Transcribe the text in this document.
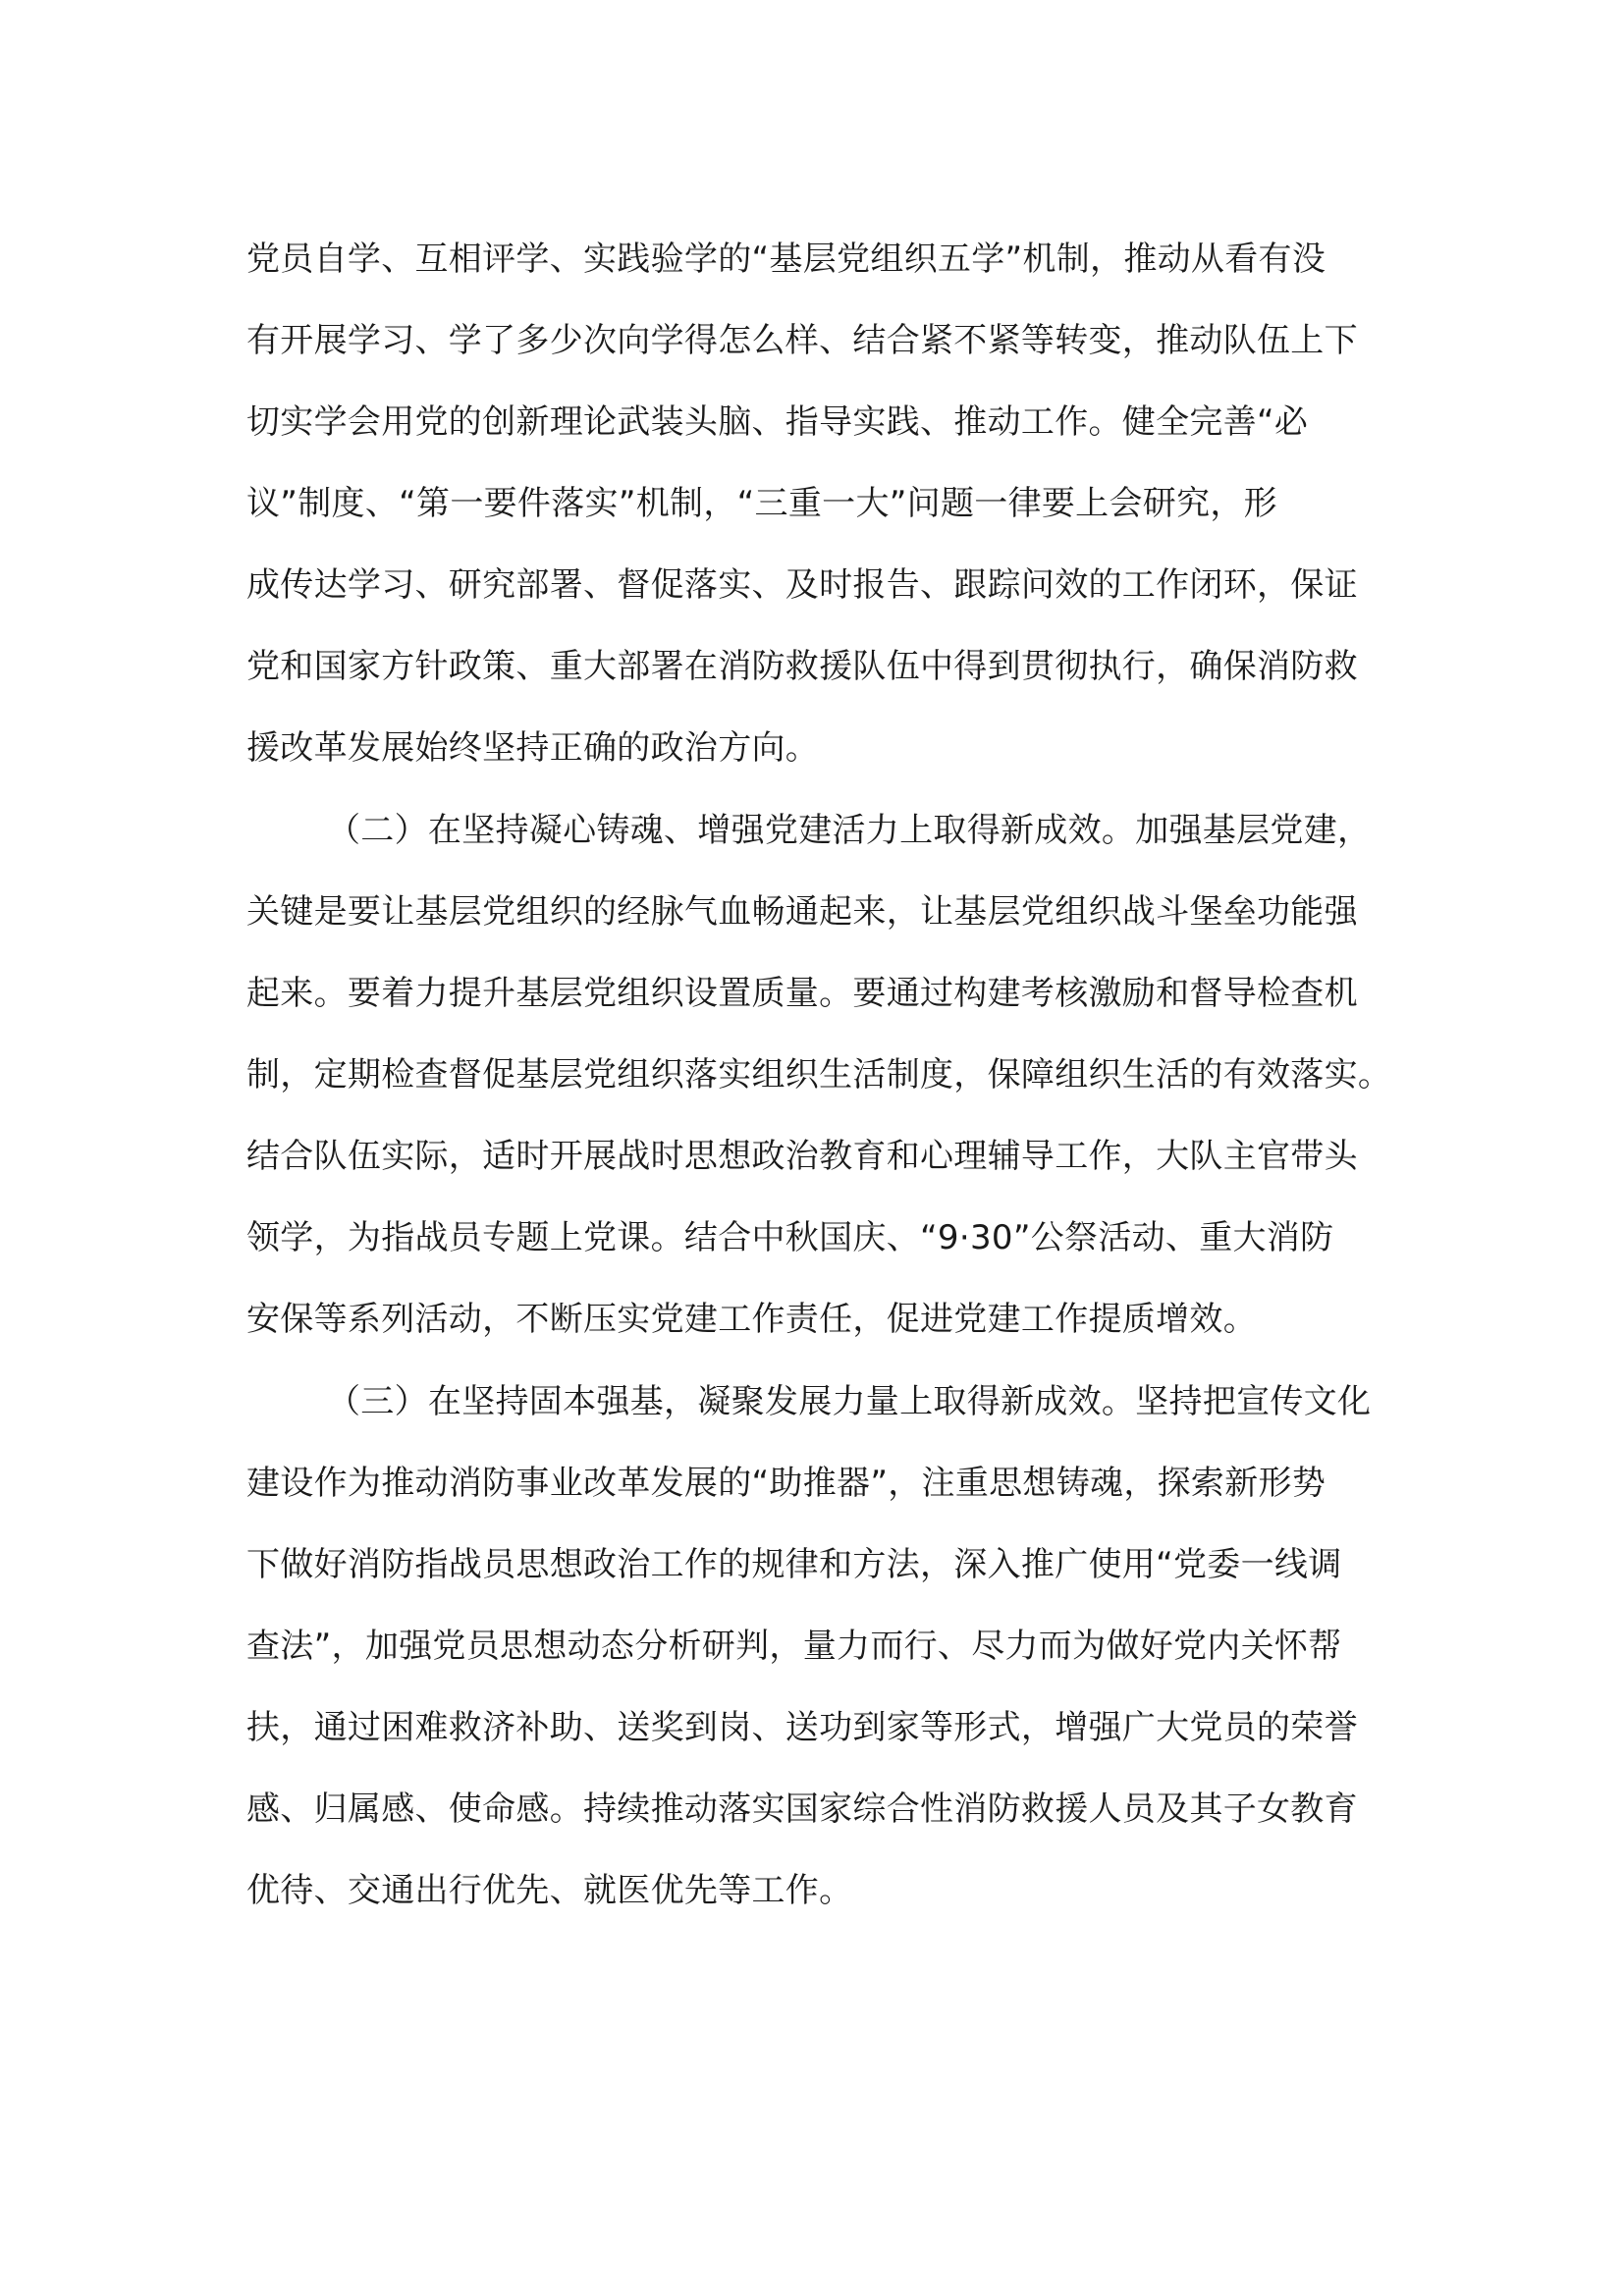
党员自学、互相评学、实践验学的“基层党组织五学”机制，推动从看有没
有开展学习、学了多少次向学得怎么样、结合紧不紧等转变，推动队伍上下
切实学会用党的创新理论武装头脑、指导实践、推动工作。健全完善“必
议”制度、“第一要件落实”机制，“三重一大”问题一律要上会研究，形
成传达学习、研究部署、督促落实、及时报告、跟踪问效的工作闭环，保证
党和国家方针政策、重大部署在消防救援队伍中得到贯彻执行，确保消防救
援改革发展始终坚持正确的政治方向。
（二）在坚持凝心铸魂、增强党建活力上取得新成效。加强基层党建，
关键是要让基层党组织的经脉气血畅通起来，让基层党组织战斗堡垒功能强
起来。要着力提升基层党组织设置质量。要通过构建考核激励和督导检查机
制，定期检查督促基层党组织落实组织生活制度，保障组织生活的有效落实。
结合队伍实际，适时开展战时思想政治教育和心理辅导工作，大队主官带头
领学，为指战员专题上党课。结合中秋国庆、“9·30”公祭活动、重大消防
安保等系列活动，不断压实党建工作责任，促进党建工作提质增效。
（三）在坚持固本强基，凝聚发展力量上取得新成效。坚持把宣传文化
建设作为推动消防事业改革发展的“助推器”，注重思想铸魂，探索新形势
下做好消防指战员思想政治工作的规律和方法，深入推广使用“党委一线调
查法”，加强党员思想动态分析研判，量力而行、尽力而为做好党内关怀帮
扶，通过困难救济补助、送奖到岗、送功到家等形式，增强广大党员的荣誉
感、归属感、使命感。持续推动落实国家综合性消防救援人员及其子女教育
优待、交通出行优先、就医优先等工作。
